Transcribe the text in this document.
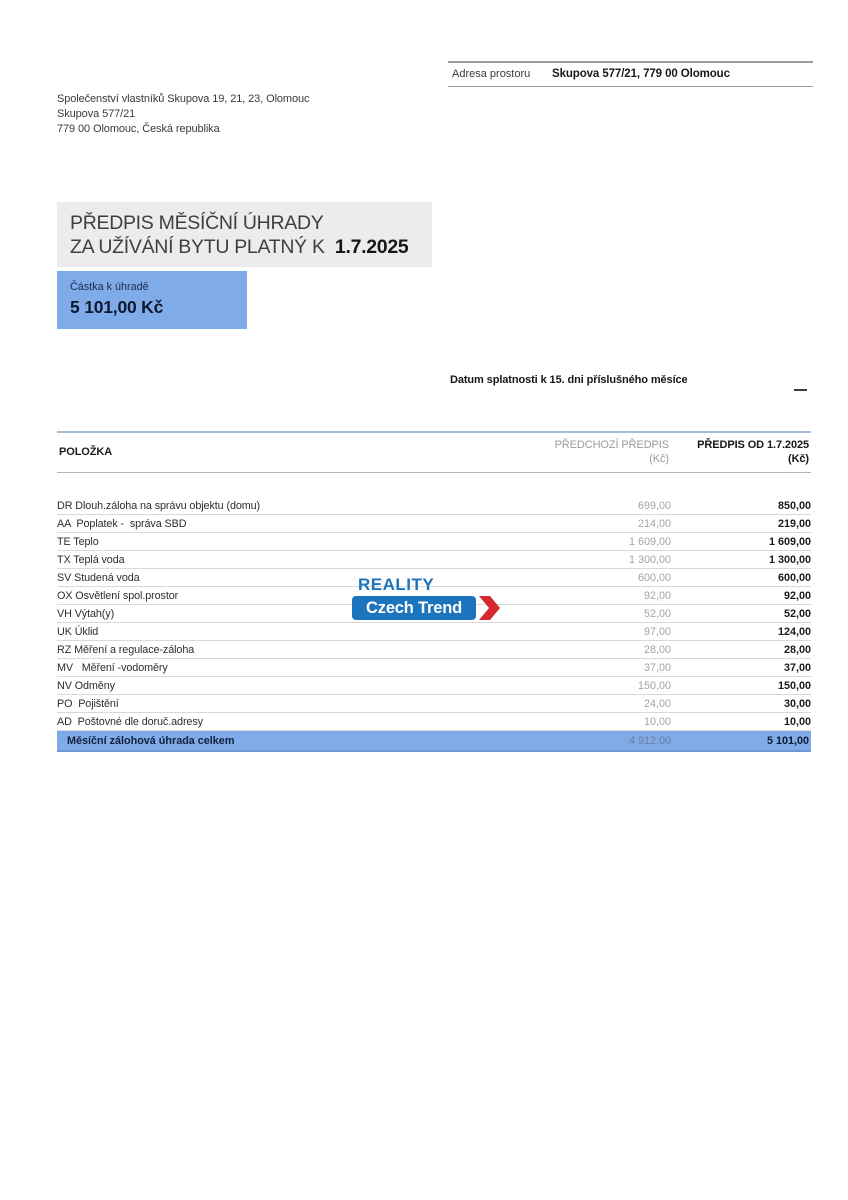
Společenství vlastníků Skupova 19, 21, 23, Olomouc
Skupova 577/21
779 00 Olomouc, Česká republika
Adresa prostoru	Skupova 577/21, 779 00 Olomouc
PŘEDPIS MĚSÍČNÍ ÚHRADY
ZA UŽÍVÁNÍ BYTU PLATNÝ K 1.7.2025
Částka k úhradě
5 101,00 Kč
Datum splatnosti k 15. dni příslušného měsíce
POLOŽKA
PŘEDCHOZÍ PŘEDPIS
(Kč)
PŘEDPIS OD 1.7.2025
(Kč)
DR Dlouh.záloha na správu objektu (domu)	699,00	850,00
AA  Poplatek -  správa SBD	214,00	219,00
TE Teplo	1 609,00	1 609,00
TX Teplá voda	1 300,00	1 300,00
SV Studená voda	600,00	600,00
OX Osvětlení spol.prostor	92,00	92,00
VH Výtah(y)	52,00	52,00
UK Úklid	97,00	124,00
RZ Měření a regulace-záloha	28,00	28,00
MV   Měření -vodoměry	37,00	37,00
NV Odměny	150,00	150,00
PO  Pojištění	24,00	30,00
AD  Poštovné dle doruč.adresy	10,00	10,00
Měsíční zálohová úhrada celkem	4 912,00	5 101,00
REALITY
Czech Trend
